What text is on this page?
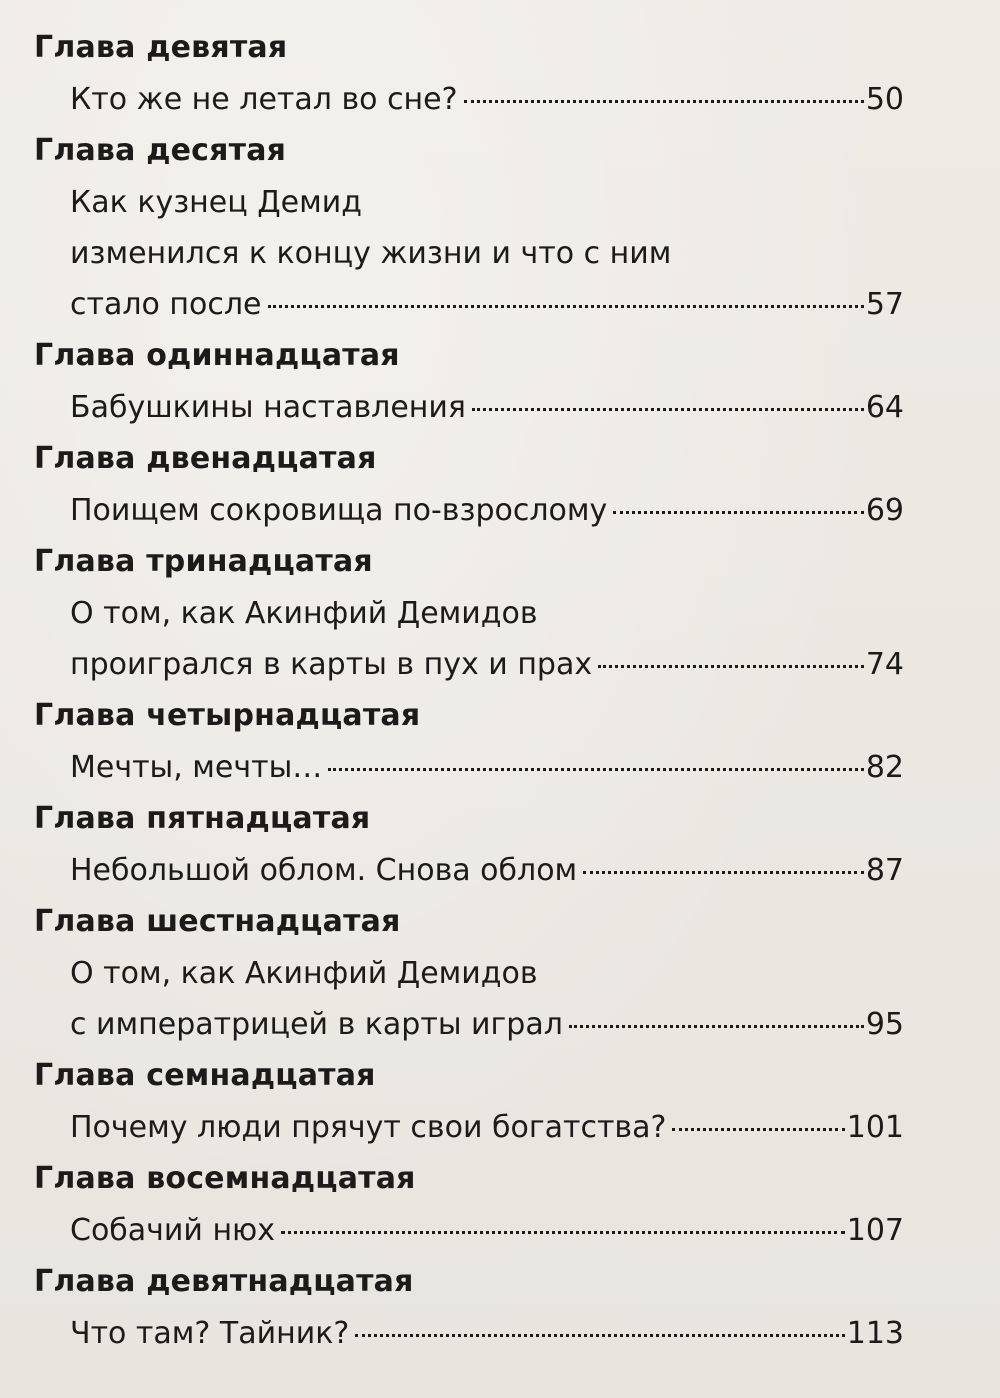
Глава девятая
Кто же не летал во сне?	50
Глава десятая
Как кузнец Демид
изменился к концу жизни и что с ним
стало после	57
Глава одиннадцатая
Бабушкины наставления	64
Глава двенадцатая
Поищем сокровища по-взрослому	69
Глава тринадцатая
О том, как Акинфий Демидов
проигрался в карты в пух и прах	74
Глава четырнадцатая
Мечты, мечты…	82
Глава пятнадцатая
Небольшой облом. Снова облом	87
Глава шестнадцатая
О том, как Акинфий Демидов
с императрицей в карты играл	95
Глава семнадцатая
Почему люди прячут свои богатства?	101
Глава восемнадцатая
Собачий нюх	107
Глава девятнадцатая
Что там? Тайник?	113
